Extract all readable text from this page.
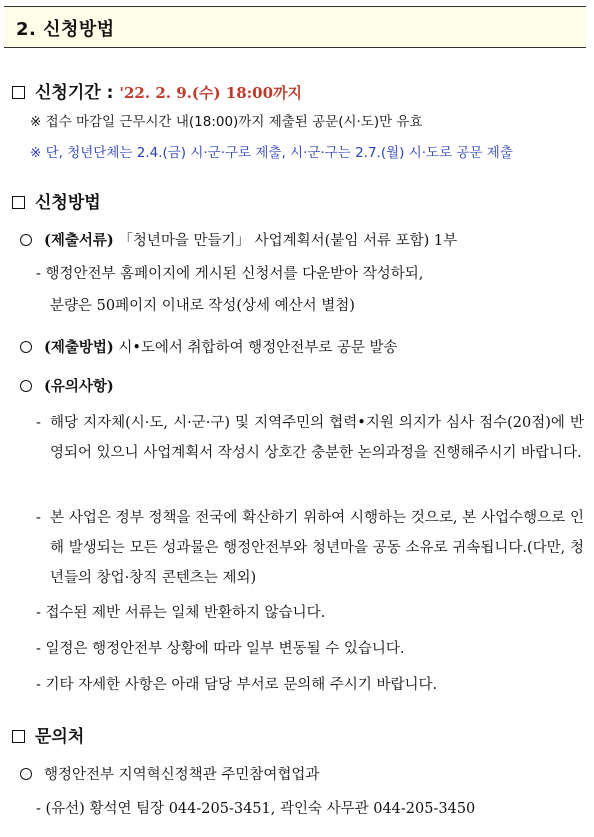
2. 신청방법
신청기간 : '22. 2. 9.(수) 18:00까지
※ 접수 마감일 근무시간 내(18:00)까지 제출된 공문(시·도)만 유효
※ 단, 청년단체는 2.4.(금) 시·군·구로 제출, 시·군·구는 2.7.(월) 시·도로 공문 제출
신청방법
(제출서류) 「청년마을 만들기」 사업계획서(붙임 서류 포함) 1부
- 행정안전부 홈페이지에 게시된 신청서를 다운받아 작성하되,
분량은 50페이지 이내로 작성(상세 예산서 별첨)
(제출방법) 시•도에서 취합하여 행정안전부로 공문 발송
(유의사항)
- 해당 지자체(시·도, 시·군·구) 및 지역주민의 협력•지원 의지가 심사 점수(20점)에 반영되어 있으니 사업계획서 작성시 상호간 충분한 논의과정을 진행해주시기 바랍니다.
- 본 사업은 정부 정책을 전국에 확산하기 위하여 시행하는 것으로, 본 사업수행으로 인해 발생되는 모든 성과물은 행정안전부와 청년마을 공동 소유로 귀속됩니다.(다만, 청년들의 창업·창직 콘텐츠는 제외)
- 접수된 제반 서류는 일체 반환하지 않습니다.
- 일정은 행정안전부 상황에 따라 일부 변동될 수 있습니다.
- 기타 자세한 사항은 아래 담당 부서로 문의해 주시기 바랍니다.
문의처
행정안전부 지역혁신정책관 주민참여협업과
- (유선) 황석연 팀장 044-205-3451, 곽인숙 사무관 044-205-3450
